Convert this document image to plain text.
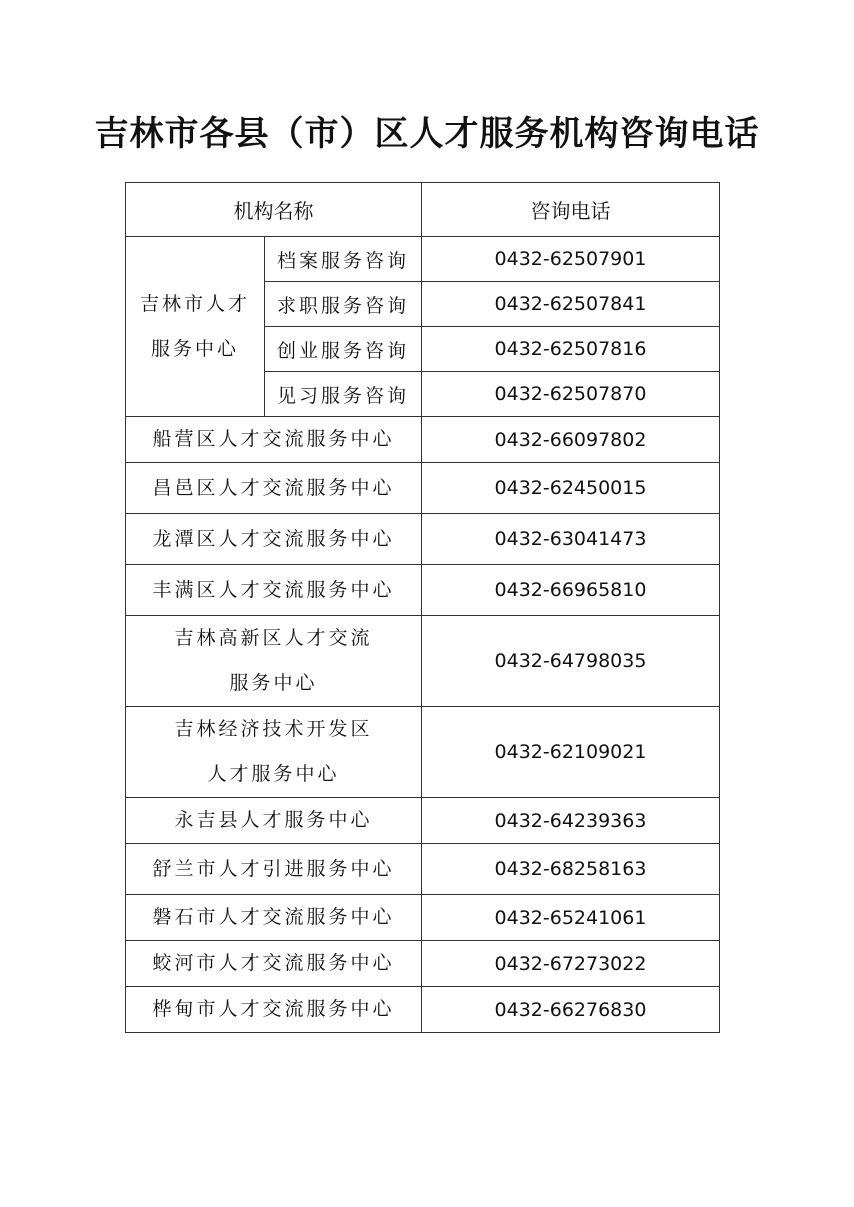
吉林市各县（市）区人才服务机构咨询电话
机构名称		咨询电话

吉林市人才
服务中心	档案服务咨询	0432-62507901
	求职服务咨询	0432-62507841
	创业服务咨询	0432-62507816
	见习服务咨询	0432-62507870
船营区人才交流服务中心		0432-66097802
昌邑区人才交流服务中心		0432-62450015
龙潭区人才交流服务中心		0432-63041473
丰满区人才交流服务中心		0432-66965810

吉林高新区人才交流
服务中心		0432-64798035

吉林经济技术开发区
人才服务中心		0432-62109021
永吉县人才服务中心		0432-64239363
舒兰市人才引进服务中心		0432-68258163
磐石市人才交流服务中心		0432-65241061
蛟河市人才交流服务中心		0432-67273022
桦甸市人才交流服务中心		0432-66276830
